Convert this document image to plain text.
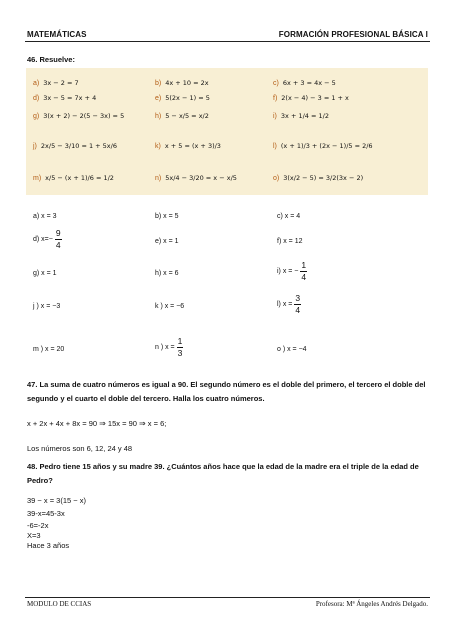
MATEMÁTICAS	FORMACIÓN PROFESIONAL BÁSICA I
46. Resuelve:
a) 3x − 2 = 7	b) 4x + 10 = 2x	c) 6x + 3 = 4x − 5
d) 3x − 5 = 7x + 4	e) 5(2x − 1) = 5	f) 2(x − 4) − 3 = 1 + x
g) 3(x + 2) − 2(5 − 3x) = 5	h) 5 − x/5 = x/2	i) 3x + 1/4 = 1/2
j) 2x/5 − 3/10 = 1 + 5x/6	k) x + 5 = (x + 3)/3	l) (x + 1)/3 + (2x − 1)/5 = 2/6
m) x/5 − (x + 1)/6 = 1/2	n) 5x/4 − 3/20 = x − x/5	o) 3(x/2 − 5) = 3/2(3x − 2)
a) x = 3	b) x = 5	c) x = 4
d) $x=- \frac{9}{4}$	e) x = 1	f) x = 12
g) x = 1	h) x = 6	i) x = − $\frac{1}{4}$
j ) x = −3	k ) x = −6	l) $x = \frac{3}{4}$
m ) x = 20	n ) $x = \frac{1}{3}$	o ) x = −4
47. La suma de cuatro números es igual a 90. El segundo número es el doble del primero, el tercero el doble del segundo y el cuarto el doble del tercero. Halla los cuatro números.
x + 2x + 4x + 8x = 90 ⇒ 15x = 90 ⇒ x = 6;
Los números son 6, 12, 24 y 48
48. Pedro tiene 15 años y su madre 39. ¿Cuántos años hace que la edad de la madre era el triple de la edad de Pedro?
39 − x = 3(15 − x)
39-x=45-3x
-6=-2x
X=3
Hace 3 años
MODULO DE CCIAS	Profesora: Mª Ángeles Andrés Delgado.
